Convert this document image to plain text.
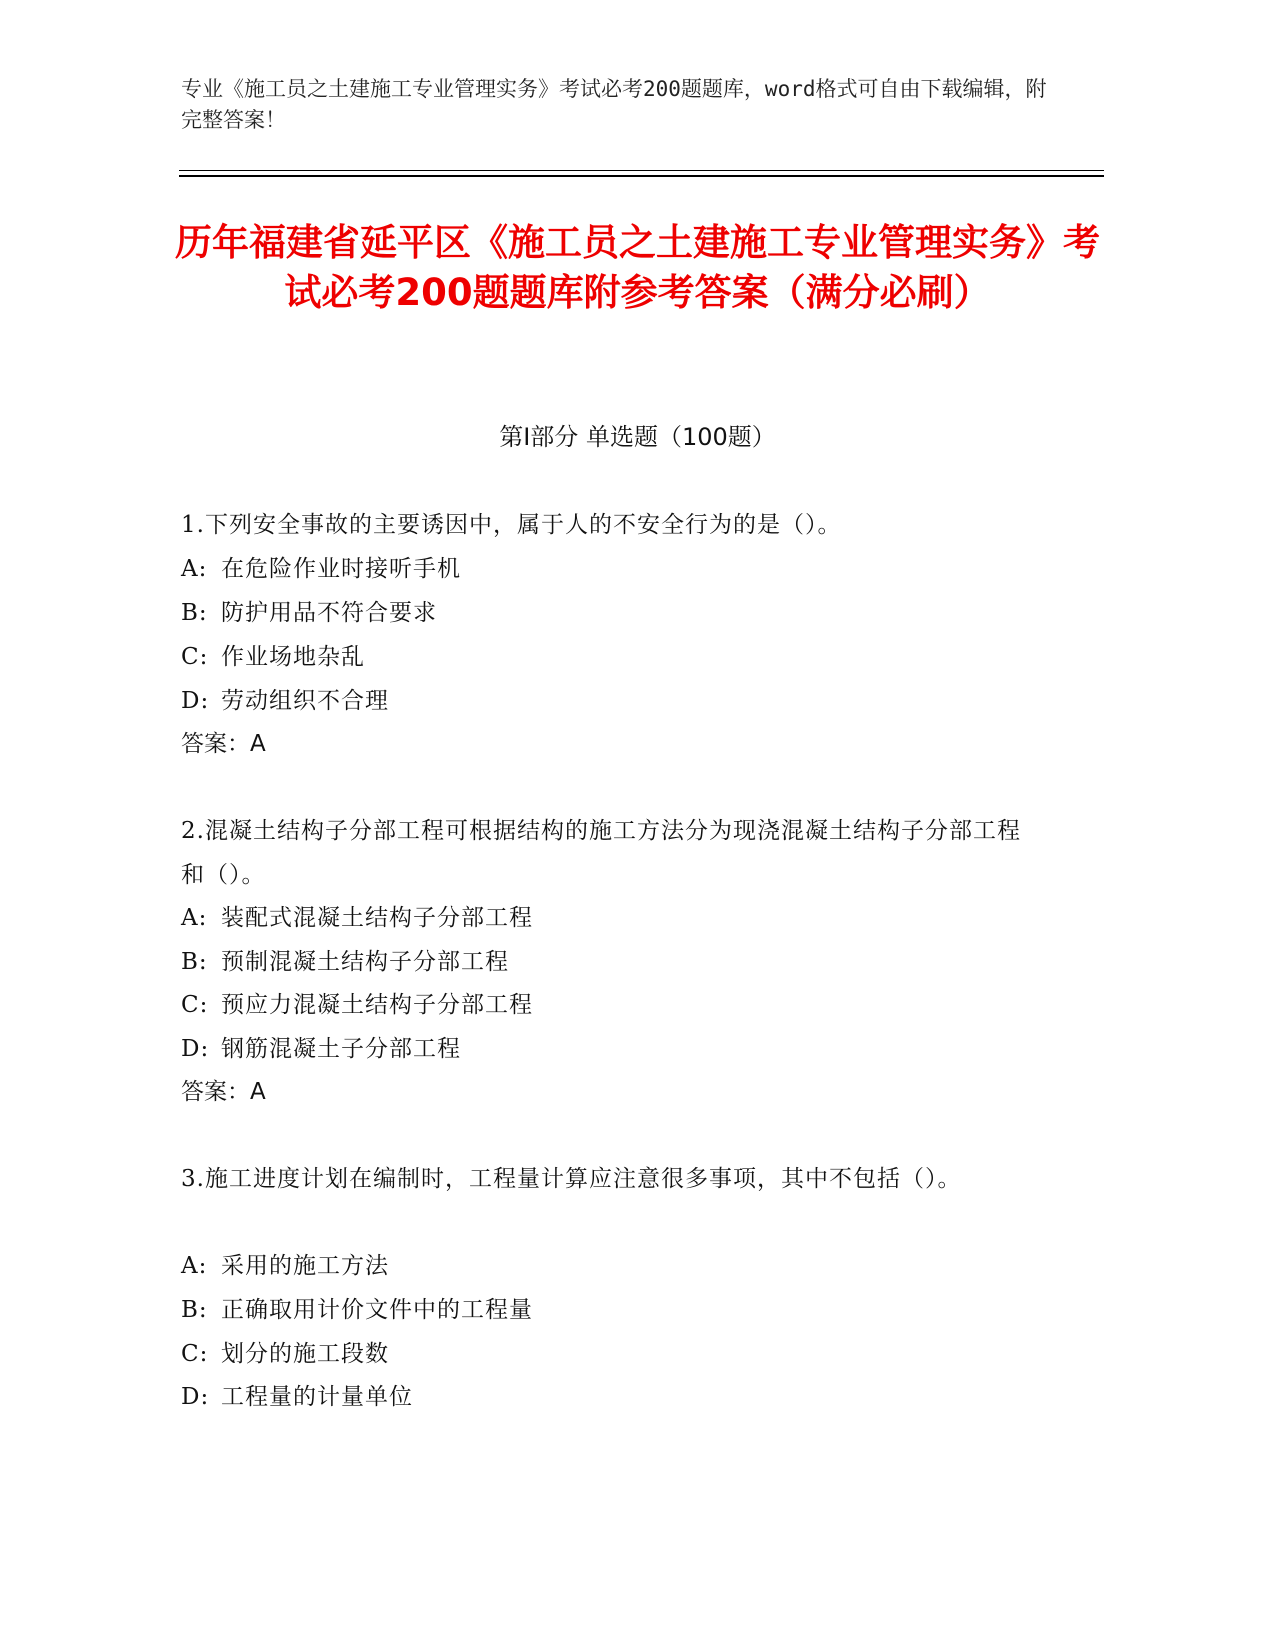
专业《施工员之土建施工专业管理实务》考试必考200题题库，word格式可自由下载编辑，附完整答案！
历年福建省延平区《施工员之土建施工专业管理实务》考试必考200题题库附参考答案（满分必刷）
第I部分 单选题（100题）
1.下列安全事故的主要诱因中，属于人的不安全行为的是（）。
A: 在危险作业时接听手机
B: 防护用品不符合要求
C: 作业场地杂乱
D: 劳动组织不合理
答案：A
2.混凝土结构子分部工程可根据结构的施工方法分为现浇混凝土结构子分部工程和（）。
A: 装配式混凝土结构子分部工程
B: 预制混凝土结构子分部工程
C: 预应力混凝土结构子分部工程
D: 钢筋混凝土子分部工程
答案：A
3.施工进度计划在编制时，工程量计算应注意很多事项，其中不包括（）。
A: 采用的施工方法
B: 正确取用计价文件中的工程量
C: 划分的施工段数
D: 工程量的计量单位
